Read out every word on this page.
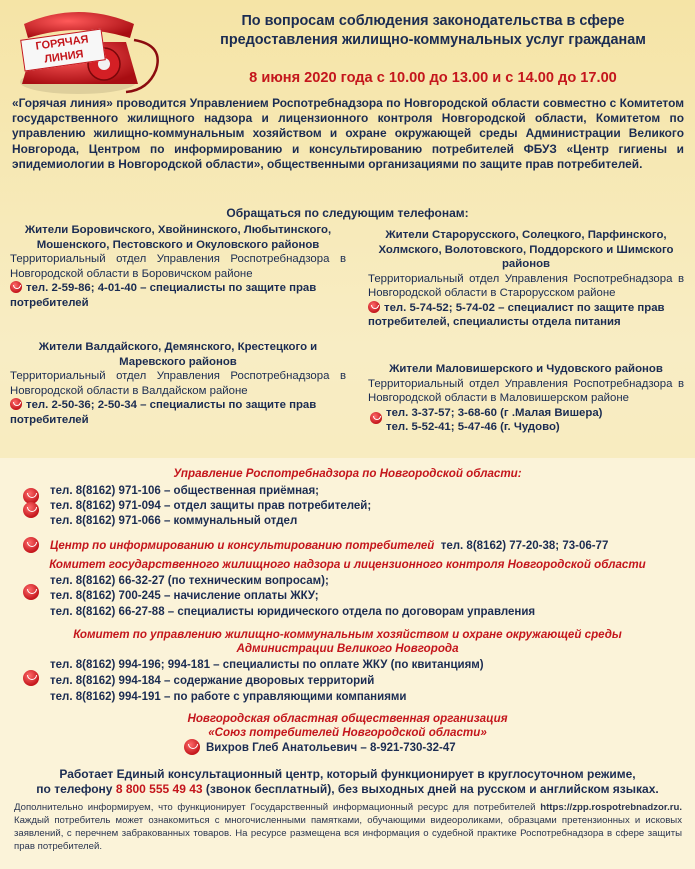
ГОРЯЧАЯ
ЛИНИЯ
По вопросам соблюдения законодательства в сфере
предоставления жилищно-коммунальных услуг гражданам
8 июня 2020 года с 10.00 до 13.00 и с 14.00 до 17.00
«Горячая линия» проводится Управлением Роспотребнадзора по Новгородской области совместно с Комитетом государственного жилищного надзора и лицензионного контроля Новгородской области, Комитетом по управлению жилищно-коммунальным хозяйством и охране окружающей среды Администрации Великого Новгорода, Центром по информированию и консультированию потребителей ФБУЗ «Центр гигиены и эпидемиологии в Новгородской области», общественными организациями по защите прав потребителей.
Обращаться по следующим телефонам:
Жители Боровичского, Хвойнинского, Любытинского, Мошенского, Пестовского и Окуловского районов
Территориальный отдел Управления Роспотребнадзора в Новгородской области в Боровичском районе
тел. 2-59-86; 4-01-40 – специалисты по защите прав потребителей
Жители Валдайского, Демянского, Крестецкого и Маревского районов
Территориальный отдел Управления Роспотребнадзора в Новгородской области в Валдайском районе
тел. 2-50-36; 2-50-34 – специалисты по защите прав потребителей
Жители Старорусского, Солецкого, Парфинского, Холмского, Волотовского, Поддорского и Шимского районов
Территориальный отдел Управления Роспотребнадзора в Новгородской области в Старорусском районе
тел. 5-74-52; 5-74-02 – специалист по защите прав потребителей, специалисты отдела питания
Жители Маловишерского и Чудовского районов
Территориальный отдел Управления Роспотребнадзора в Новгородской области в Маловишерском районе
тел. 3-37-57; 3-68-60 (г .Малая Вишера)
тел. 5-52-41; 5-47-46 (г. Чудово)
Управление Роспотребнадзора по Новгородской области:
тел. 8(8162) 971-106 – общественная приёмная;
тел. 8(8162) 971-094 – отдел защиты прав потребителей;
тел. 8(8162) 971-066 – коммунальный отдел
Центр по информированию и консультированию потребителей тел. 8(8162) 77-20-38; 73-06-77
Комитет государственного жилищного надзора и лицензионного контроля Новгородской области
тел. 8(8162) 66-32-27 (по техническим вопросам);
тел. 8(8162) 700-245 – начисление оплаты ЖКУ;
тел. 8(8162) 66-27-88 – специалисты юридического отдела по договорам управления
Комитет по управлению жилищно-коммунальным хозяйством и охране окружающей среды
Администрации Великого Новгорода
тел. 8(8162) 994-196; 994-181 – специалисты по оплате ЖКУ (по квитанциям)
тел. 8(8162) 994-184 – содержание дворовых территорий
тел. 8(8162) 994-191 – по работе с управляющими компаниями
Новгородская областная общественная организация
«Союз потребителей Новгородской области»
Вихров Глеб Анатольевич – 8-921-730-32-47
Работает Единый консультационный центр, который функционирует в круглосуточном режиме,
по телефону 8 800 555 49 43 (звонок бесплатный), без выходных дней на русском и английском языках.
Дополнительно информируем, что функционирует Государственный информационный ресурс для потребителей https://zpp.rospotrebnadzor.ru. Каждый потребитель может ознакомиться с многочисленными памятками, обучающими видеороликами, образцами претензионных и исковых заявлений, с перечнем забракованных товаров. На ресурсе размещена вся информация о судебной практике Роспотребнадзора в сфере защиты прав потребителей.
